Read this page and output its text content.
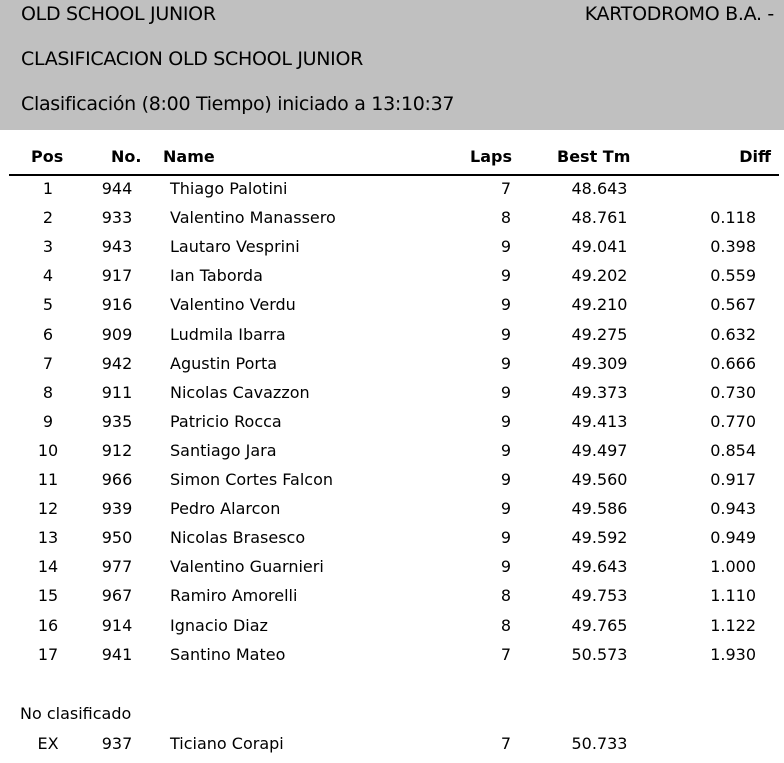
OLD SCHOOL JUNIOR	KARTODROMO B.A. -
CLASIFICACION OLD SCHOOL JUNIOR
Clasificación (8:00 Tiempo) iniciado a 13:10:37
Pos	No. Name	Laps	Best Tm	Diff
1	944	Thiago Palotini	7	48.643
2	933	Valentino Manassero	8	48.761	0.118
3	943	Lautaro Vesprini	9	49.041	0.398
4	917	Ian Taborda	9	49.202	0.559
5	916	Valentino Verdu	9	49.210	0.567
6	909	Ludmila Ibarra	9	49.275	0.632
7	942	Agustin Porta	9	49.309	0.666
8	911	Nicolas Cavazzon	9	49.373	0.730
9	935	Patricio Rocca	9	49.413	0.770
10	912	Santiago Jara	9	49.497	0.854
11	966	Simon Cortes Falcon	9	49.560	0.917
12	939	Pedro Alarcon	9	49.586	0.943
13	950	Nicolas Brasesco	9	49.592	0.949
14	977	Valentino Guarnieri	9	49.643	1.000
15	967	Ramiro Amorelli	8	49.753	1.110
16	914	Ignacio Diaz	8	49.765	1.122
17	941	Santino Mateo	7	50.573	1.930
No clasificado
EX	937	Ticiano Corapi	7	50.733
